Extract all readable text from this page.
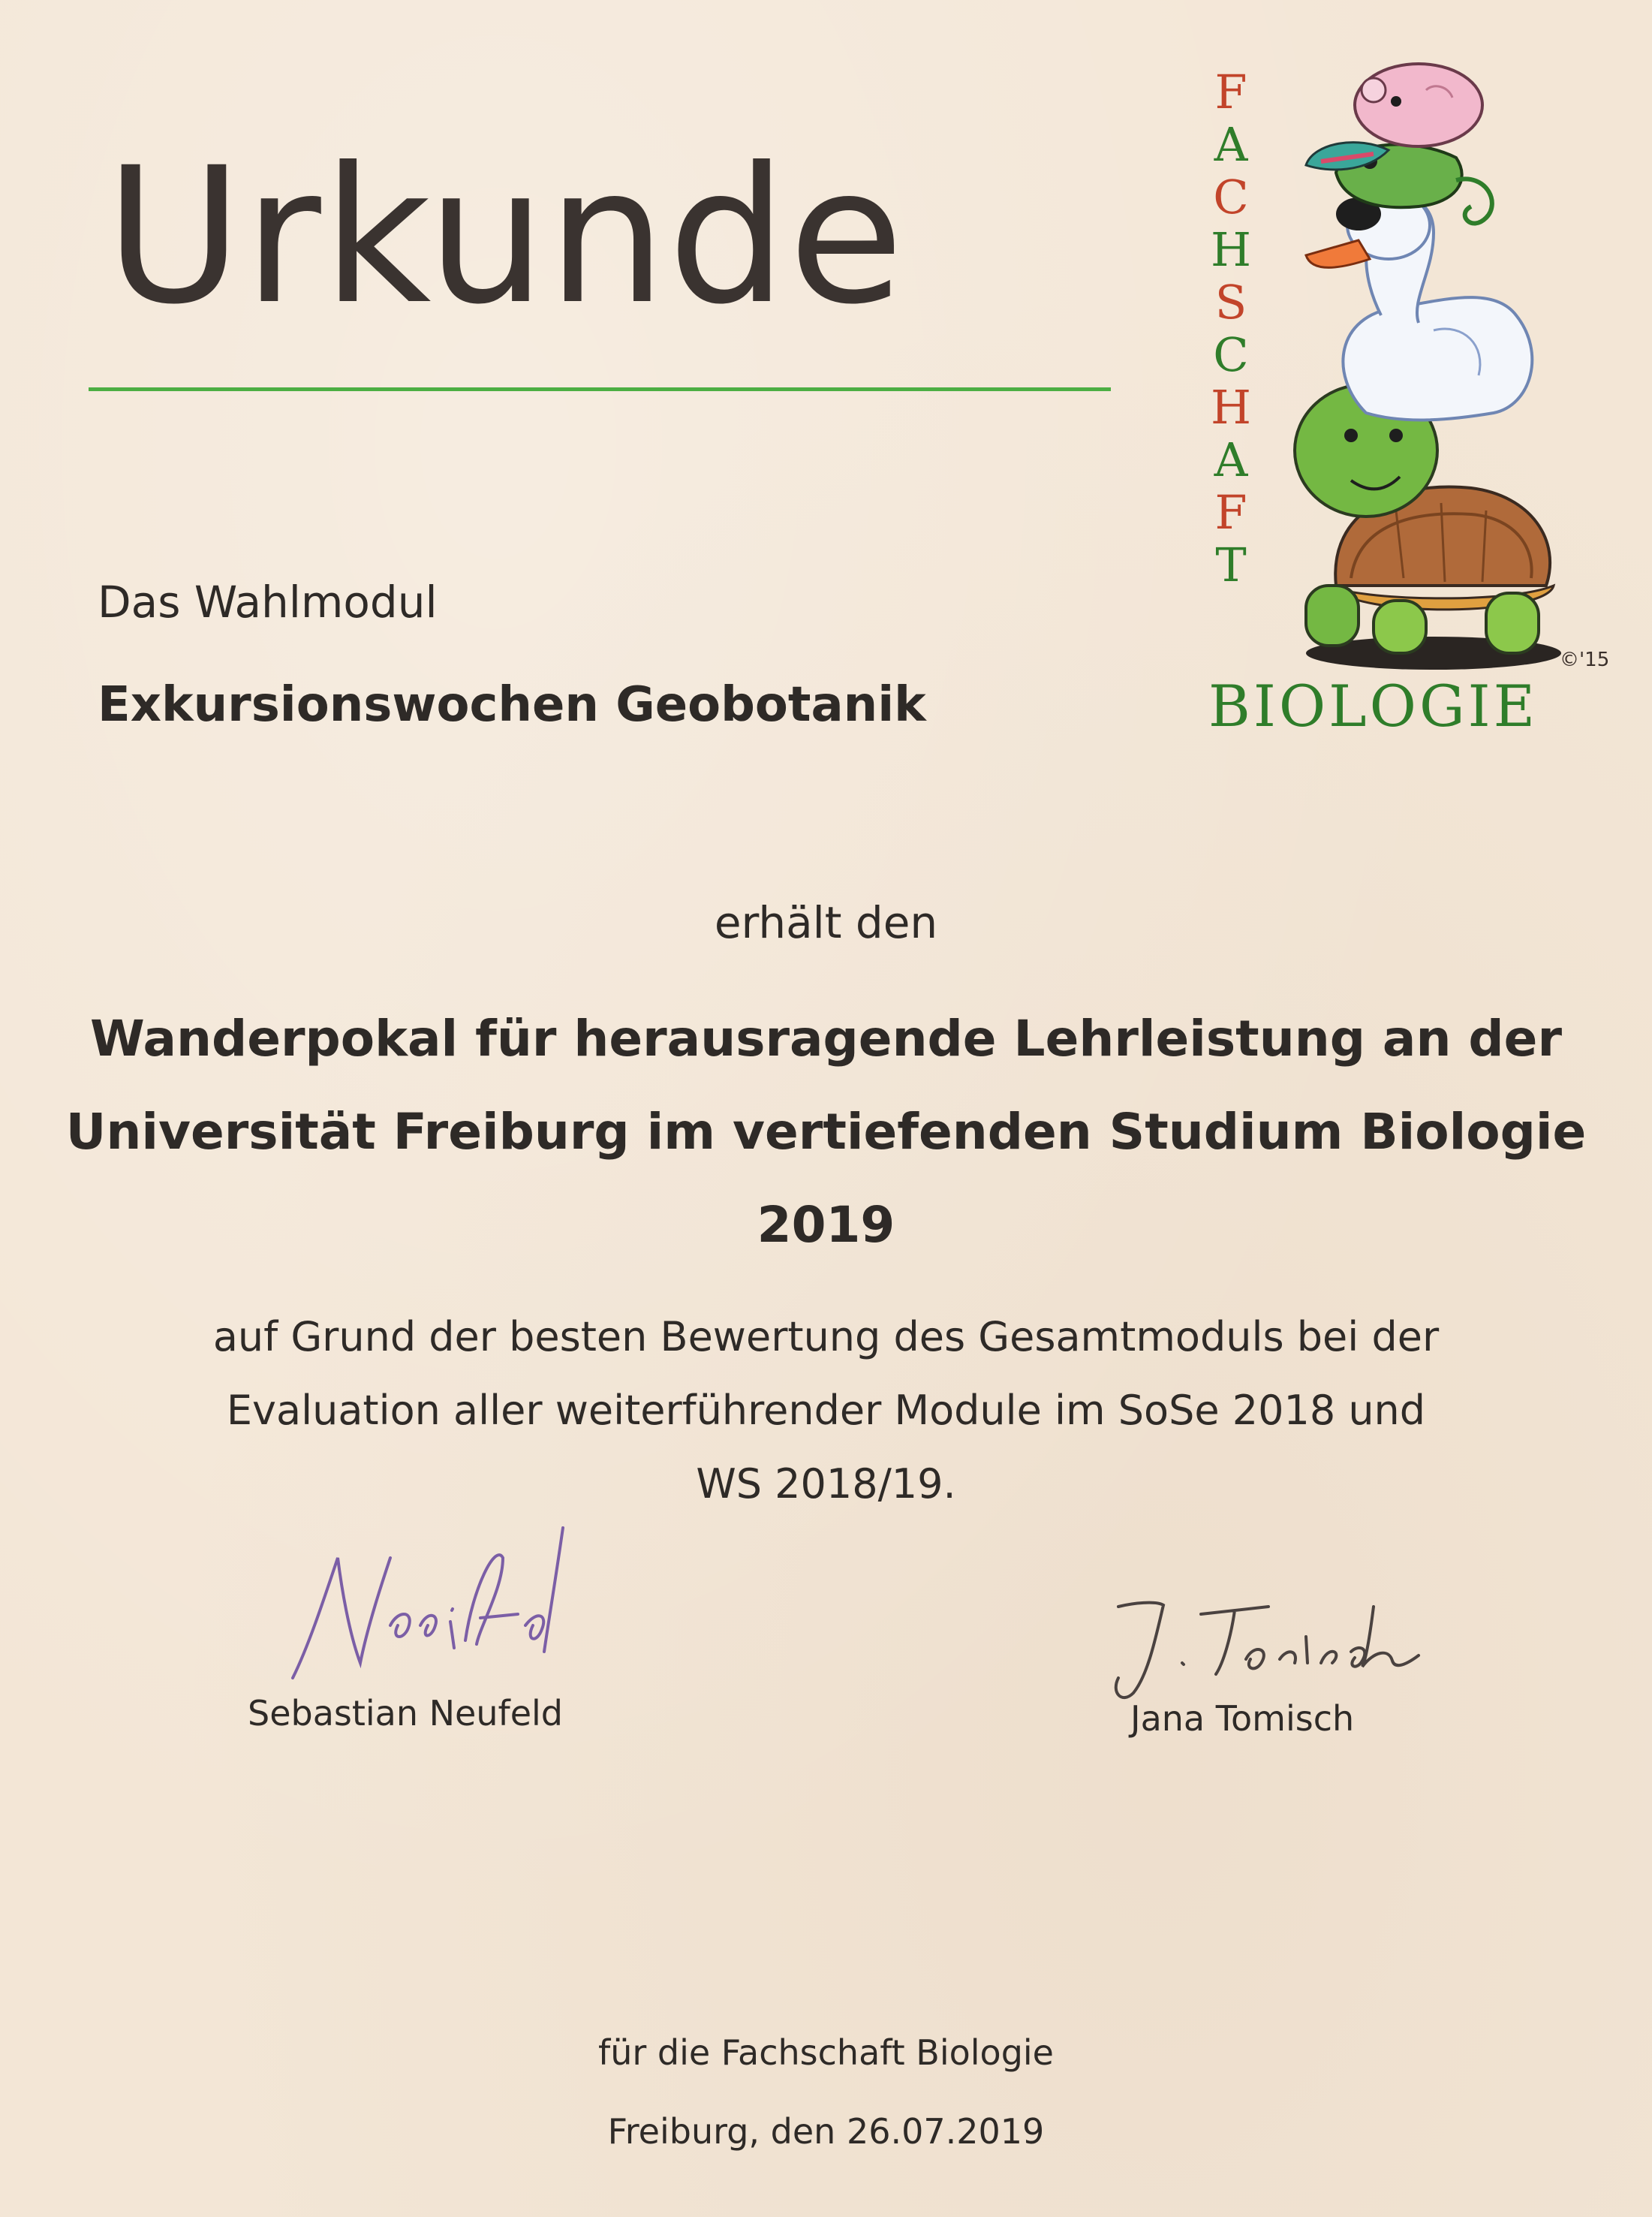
Urkunde
F
A
C
H
S
C
H
A
F
T
©'15
BIOLOGIE
Das Wahlmodul
Exkursionswochen Geobotanik
erhält den
Wanderpokal für herausragende Lehrleistung an der
Universität Freiburg im vertiefenden Studium Biologie
2019
auf Grund der besten Bewertung des Gesamtmoduls bei der
Evaluation aller weiterführender Module im SoSe 2018 und
WS 2018/19.
Sebastian Neufeld	Jana Tomisch
für die Fachschaft Biologie
Freiburg, den 26.07.2019
